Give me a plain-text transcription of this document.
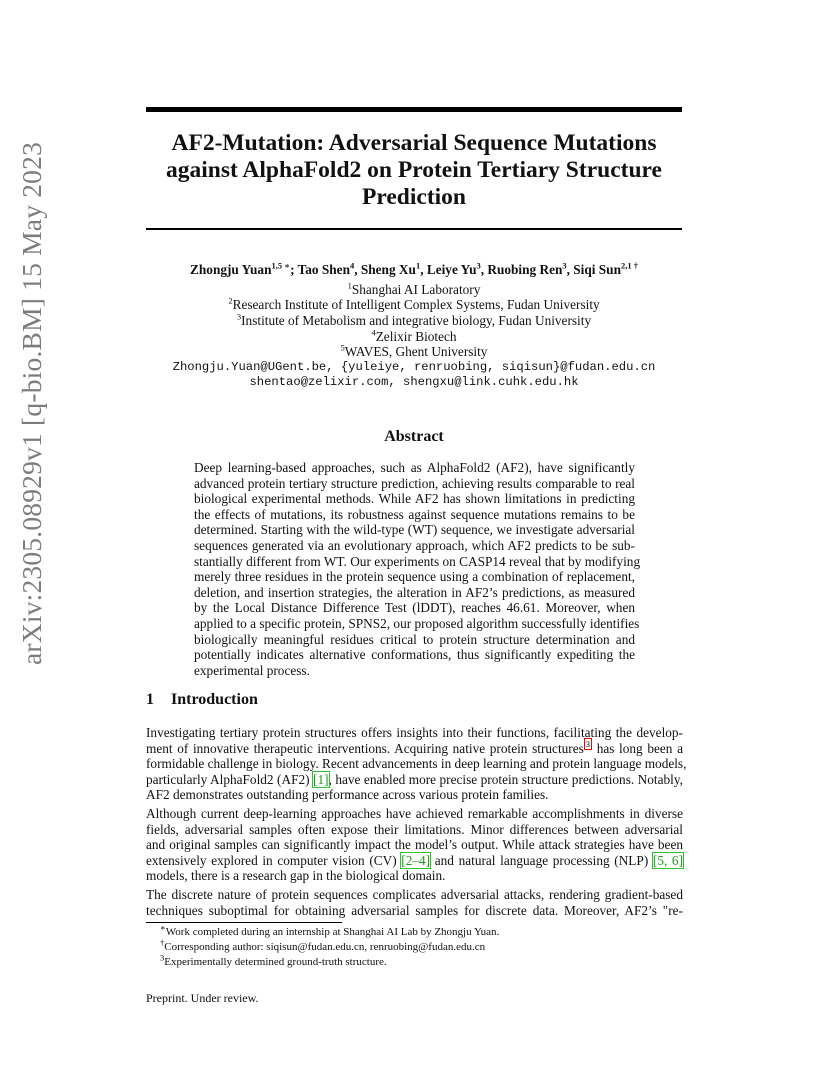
arXiv:2305.08929v1 [q-bio.BM] 15 May 2023	AF2-Mutation: Adversarial Sequence Mutations against AlphaFold2 on Protein Tertiary Structure Prediction
Zhongju Yuan$^{1,5}$ ∗; Tao Shen$^4$, Sheng Xu$^1$, Leiye Yu$^3$, Ruobing Ren$^3$, Siqi Sun$^{2,1 \dagger}$
$^1$Shanghai AI Laboratory
$^2$Research Institute of Intelligent Complex Systems, Fudan University
$^3$Institute of Metabolism and integrative biology, Fudan University
$^4$Zelixir Biotech
$^5$WAVES, Ghent University
Zhongju.Yuan@UGent.be, {yuleiye, renruobing, siqisun}@fudan.edu.cn
shentao@zelixir.com, shengxu@link.cuhk.edu.hk
Abstract
Deep learning-based approaches, such as AlphaFold2 (AF2), have significantly
advanced protein tertiary structure prediction, achieving results comparable to real
biological experimental methods. While AF2 has shown limitations in predicting
the effects of mutations, its robustness against sequence mutations remains to be
determined. Starting with the wild-type (WT) sequence, we investigate adversarial
sequences generated via an evolutionary approach, which AF2 predicts to be sub-
stantially different from WT. Our experiments on CASP14 reveal that by modifying
merely three residues in the protein sequence using a combination of replacement,
deletion, and insertion strategies, the alteration in AF2’s predictions, as measured
by the Local Distance Difference Test (lDDT), reaches 46.61. Moreover, when
applied to a specific protein, SPNS2, our proposed algorithm successfully identifies
biologically meaningful residues critical to protein structure determination and
potentially indicates alternative conformations, thus significantly expediting the
experimental process.
1 Introduction
Investigating tertiary protein structures offers insights into their functions, facilitating the develop-
ment of innovative therapeutic interventions. Acquiring native protein structures $^3$ has long been a
formidable challenge in biology. Recent advancements in deep learning and protein language models,
particularly AlphaFold2 (AF2) [1], have enabled more precise protein structure predictions. Notably,
AF2 demonstrates outstanding performance across various protein families.
Although current deep-learning approaches have achieved remarkable accomplishments in diverse
fields, adversarial samples often expose their limitations. Minor differences between adversarial
and original samples can significantly impact the model’s output. While attack strategies have been
extensively explored in computer vision (CV) [2–4] and natural language processing (NLP) [5, 6]
models, there is a research gap in the biological domain.
The discrete nature of protein sequences complicates adversarial attacks, rendering gradient-based
techniques suboptimal for obtaining adversarial samples for discrete data. Moreover, AF2’s "re-
∗Work completed during an internship at Shanghai AI Lab by Zhongju Yuan.
†Corresponding author: siqisun@fudan.edu.cn, renruobing@fudan.edu.cn
$^3$Experimentally determined ground-truth structure.
Preprint. Under review.
